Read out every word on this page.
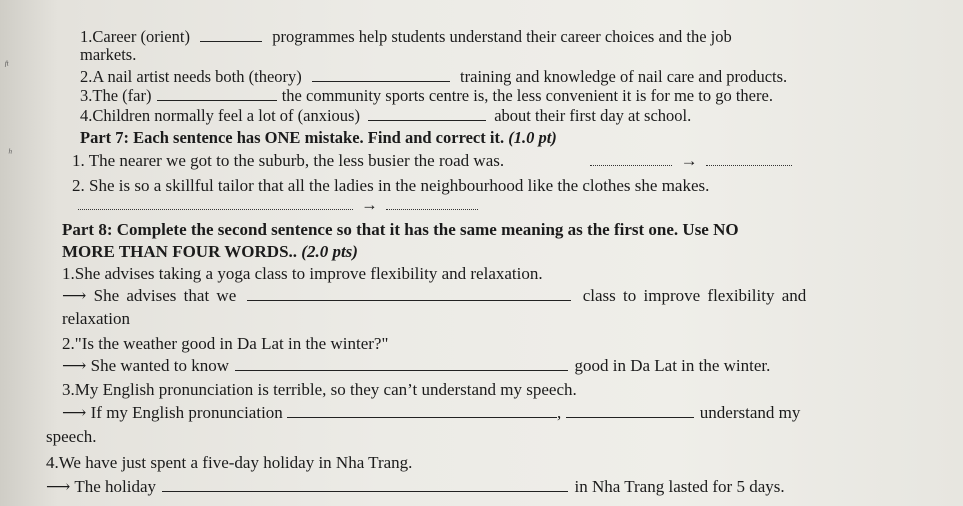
1.Career (orient)	programmes help students understand their career choices and the job
markets.
2.A nail artist needs both (theory)	training and knowledge of nail care and products.
3.The (far)	the community sports centre is, the less convenient it is for me to go there.
4.Children normally feel a lot of (anxious)	about their first day at school.
Part 7: Each sentence has ONE mistake. Find and correct it. (1.0 pt)
1. The nearer we got to the suburb, the less busier the road was.	→
2. She is so a skillful tailor that all the ladies in the neighbourhood like the clothes she makes.
→
Part 8: Complete the second sentence so that it has the same meaning as the first one. Use NO
MORE THAN FOUR WORDS.. (2.0 pts)
1.She advises taking a yoga class to improve flexibility and relaxation.
⟶ She advises that we	class to improve flexibility and
relaxation
2."Is the weather good in Da Lat in the winter?"
⟶ She wanted to know	good in Da Lat in the winter.
3.My English pronunciation is terrible, so they can’t understand my speech.
⟶ If my English pronunciation	,	understand my
speech.
4.We have just spent a five-day holiday in Nha Trang.
⟶ The holiday	in Nha Trang lasted for 5 days.
ᶠᵗ
ʰ
